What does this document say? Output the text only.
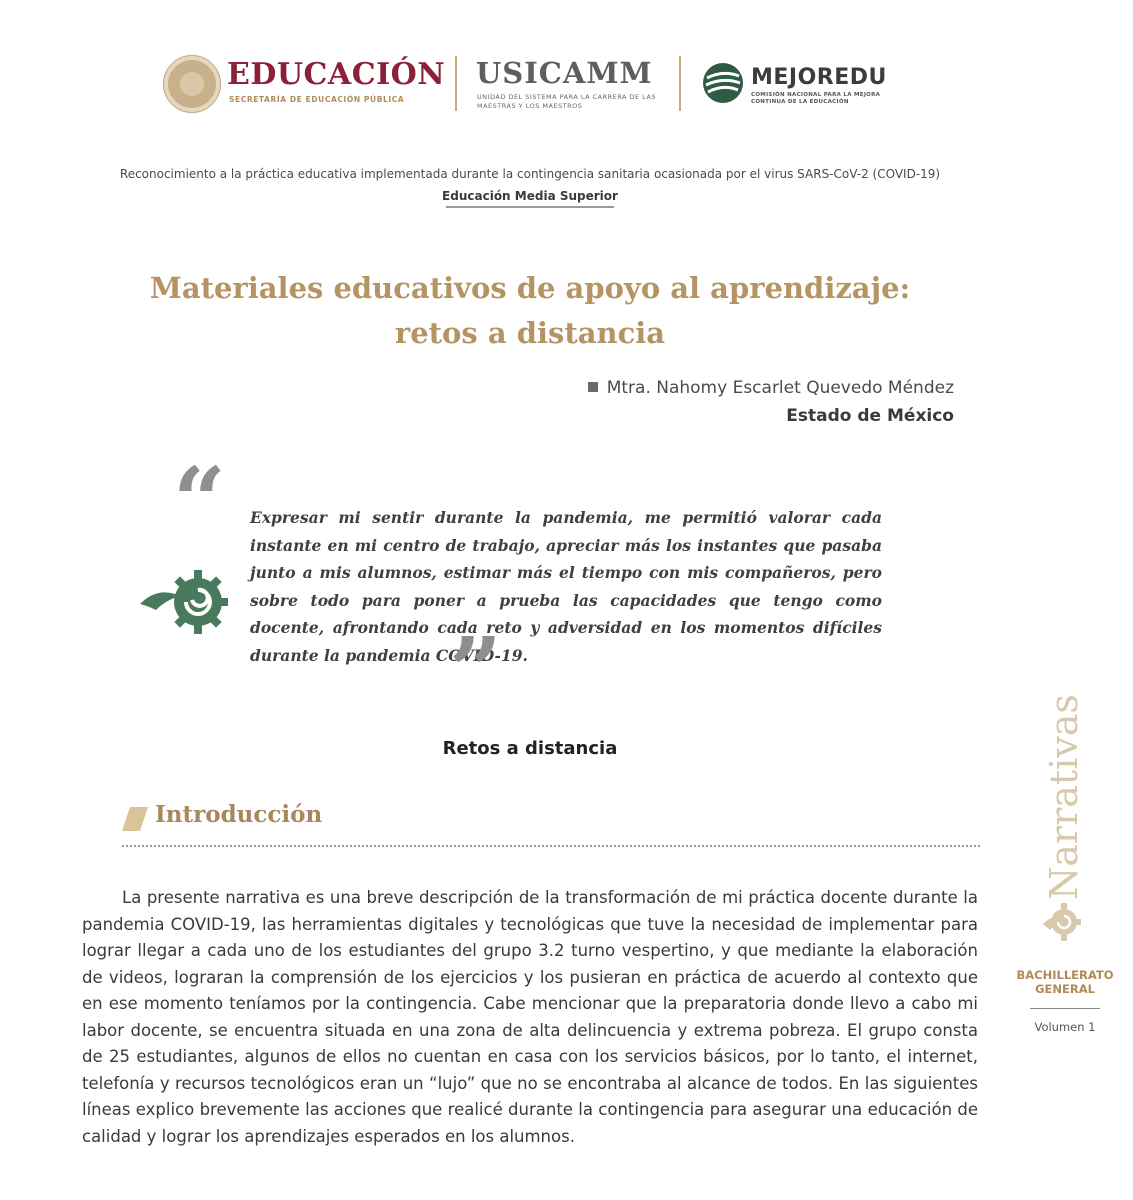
EDUCACIÓN
SECRETARÍA DE EDUCACIÓN PÚBLICA
USICAMM
UNIDAD DEL SISTEMA PARA LA CARRERA DE LAS MAESTRAS Y LOS MAESTROS
MEJOREDU
COMISIÓN NACIONAL PARA LA MEJORA CONTINUA DE LA EDUCACIÓN
Reconocimiento a la práctica educativa implementada durante la contingencia sanitaria ocasionada por el virus SARS-CoV-2 (COVID-19)
Educación Media Superior
Materiales educativos de apoyo al aprendizaje:
retos a distancia
Mtra. Nahomy Escarlet Quevedo Méndez
Estado de México
“ Expresar mi sentir durante la pandemia, me permitió valorar cada instante en mi centro de trabajo, apreciar más los instantes que pasaba junto a mis alumnos, estimar más el tiempo con mis compañeros, pero sobre todo para poner a prueba las capacidades que tengo como docente, afrontando cada reto y adversidad en los momentos difíciles durante la pandemia COVID-19.
”
Retos a distancia
Introducción
La presente narrativa es una breve descripción de la transformación de mi práctica docente durante la pandemia COVID-19, las herramientas digitales y tecnológicas que tuve la necesidad de implementar para lograr llegar a cada uno de los estudiantes del grupo 3.2 turno vespertino, y que mediante la elaboración de videos, lograran la comprensión de los ejercicios y los pusieran en práctica de acuerdo al contexto que en ese momento teníamos por la contingencia. Cabe mencionar que la preparatoria donde llevo a cabo mi labor docente, se encuentra situada en una zona de alta delincuencia y extrema pobreza. El grupo consta de 25 estudiantes, algunos de ellos no cuentan en casa con los servicios básicos, por lo tanto, el internet, telefonía y recursos tecnológicos eran un “lujo” que no se encontraba al alcance de todos. En las siguientes líneas explico brevemente las acciones que realicé durante la contingencia para asegurar una educación de calidad y lograr los aprendizajes esperados en los alumnos.
Narrativas
BACHILLERATO
GENERAL
Volumen 1
